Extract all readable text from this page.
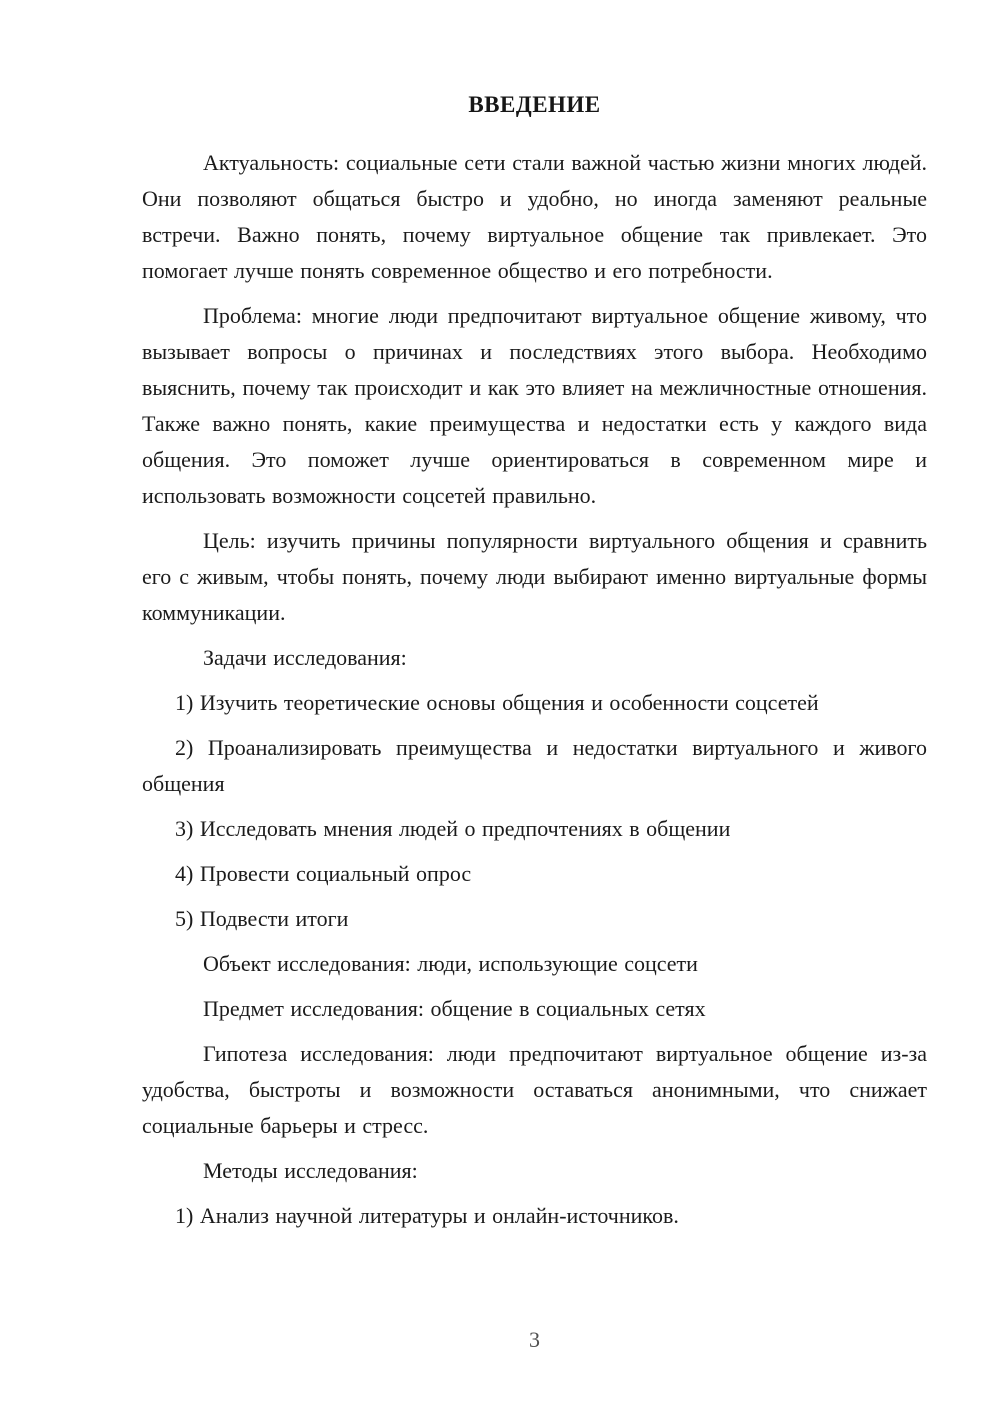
ВВЕДЕНИЕ

Актуальность: социальные сети стали важной частью жизни многих людей. Они позволяют общаться быстро и удобно, но иногда заменяют реальные встречи. Важно понять, почему виртуальное общение так привлекает. Это помогает лучше понять современное общество и его потребности.

Проблема: многие люди предпочитают виртуальное общение живому, что вызывает вопросы о причинах и последствиях этого выбора. Необходимо выяснить, почему так происходит и как это влияет на межличностные отношения. Также важно понять, какие преимущества и недостатки есть у каждого вида общения. Это поможет лучше ориентироваться в современном мире и использовать возможности соцсетей правильно.

Цель: изучить причины популярности виртуального общения и сравнить его с живым, чтобы понять, почему люди выбирают именно виртуальные формы коммуникации.

Задачи исследования:

1) Изучить теоретические основы общения и особенности соцсетей

2) Проанализировать преимущества и недостатки виртуального и живого общения

3) Исследовать мнения людей о предпочтениях в общении

4) Провести социальный опрос

5) Подвести итоги

Объект исследования: люди, использующие соцсети

Предмет исследования: общение в социальных сетях

Гипотеза исследования: люди предпочитают виртуальное общение из-за удобства, быстроты и возможности оставаться анонимными, что снижает социальные барьеры и стресс.

Методы исследования:

1) Анализ научной литературы и онлайн-источников.

3
